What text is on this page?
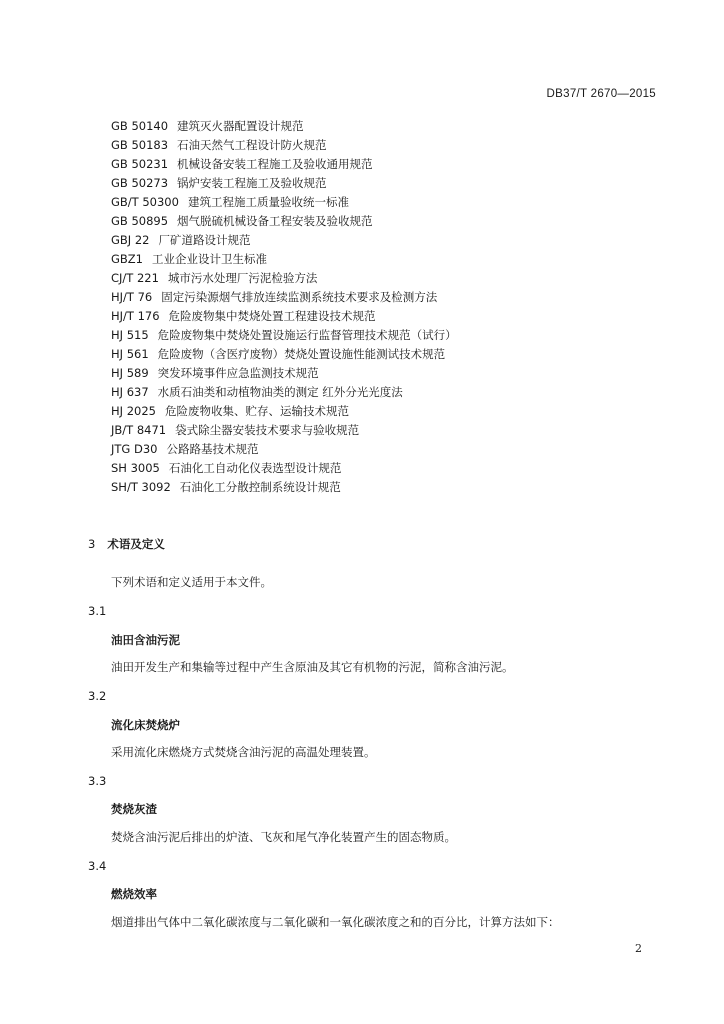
DB37/T 2670—2015
GB 50140 建筑灭火器配置设计规范
GB 50183 石油天然气工程设计防火规范
GB 50231 机械设备安装工程施工及验收通用规范
GB 50273 锅炉安装工程施工及验收规范
GB/T 50300 建筑工程施工质量验收统一标准
GB 50895 烟气脱硫机械设备工程安装及验收规范
GBJ 22 厂矿道路设计规范
GBZ1 工业企业设计卫生标准
CJ/T 221 城市污水处理厂污泥检验方法
HJ/T 76 固定污染源烟气排放连续监测系统技术要求及检测方法
HJ/T 176 危险废物集中焚烧处置工程建设技术规范
HJ 515 危险废物集中焚烧处置设施运行监督管理技术规范（试行）
HJ 561 危险废物（含医疗废物）焚烧处置设施性能测试技术规范
HJ 589 突发环境事件应急监测技术规范
HJ 637 水质石油类和动植物油类的测定 红外分光光度法
HJ 2025 危险废物收集、贮存、运输技术规范
JB/T 8471 袋式除尘器安装技术要求与验收规范
JTG D30 公路路基技术规范
SH 3005 石油化工自动化仪表选型设计规范
SH/T 3092 石油化工分散控制系统设计规范
3 术语及定义
下列术语和定义适用于本文件。
3.1
油田含油污泥
油田开发生产和集输等过程中产生含原油及其它有机物的污泥，简称含油污泥。
3.2
流化床焚烧炉
采用流化床燃烧方式焚烧含油污泥的高温处理装置。
3.3
焚烧灰渣
焚烧含油污泥后排出的炉渣、飞灰和尾气净化装置产生的固态物质。
3.4
燃烧效率
烟道排出气体中二氧化碳浓度与二氧化碳和一氧化碳浓度之和的百分比，计算方法如下：
2
